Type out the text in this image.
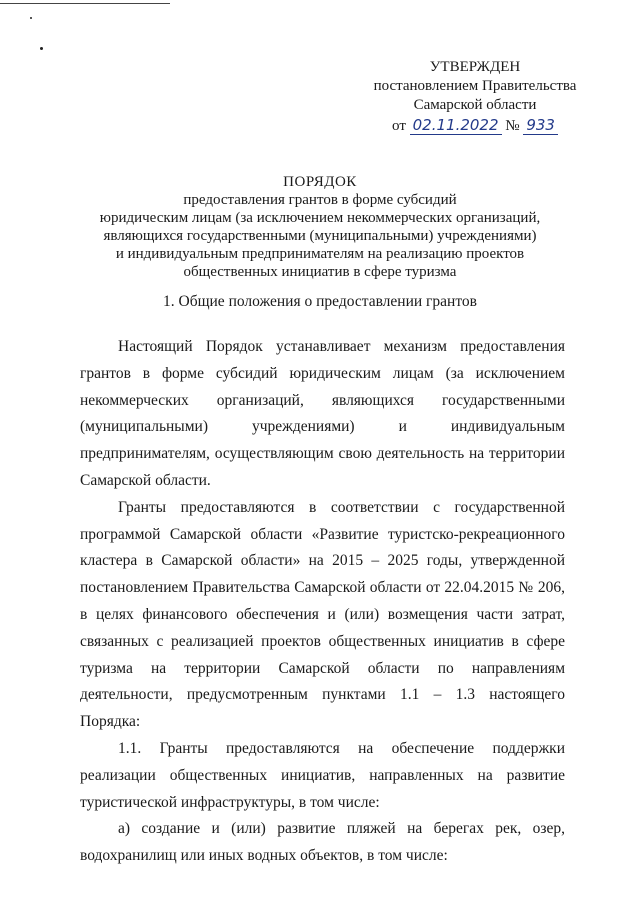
УТВЕРЖДЕН
постановлением Правительства
Самарской области
от 02.11.2022 № 933
ПОРЯДОК
предоставления грантов в форме субсидий
юридическим лицам (за исключением некоммерческих организаций,
являющихся государственными (муниципальными) учреждениями)
и индивидуальным предпринимателям на реализацию проектов
общественных инициатив в сфере туризма
1. Общие положения о предоставлении грантов

Настоящий Порядок устанавливает механизм предоставления грантов в форме субсидий юридическим лицам (за исключением некоммерческих организаций, являющихся государственными (муниципальными) учреждениями) и индивидуальным предпринимателям, осуществляющим свою деятельность на территории Самарской области.

Гранты предоставляются в соответствии с государственной программой Самарской области «Развитие туристско-рекреационного кластера в Самарской области» на 2015 – 2025 годы, утвержденной постановлением Правительства Самарской области от 22.04.2015 № 206, в целях финансового обеспечения и (или) возмещения части затрат, связанных с реализацией проектов общественных инициатив в сфере туризма на территории Самарской области по направлениям деятельности, предусмотренным пунктами 1.1 – 1.3 настоящего Порядка:

1.1. Гранты предоставляются на обеспечение поддержки реализации общественных инициатив, направленных на развитие туристической инфраструктуры, в том числе:

а) создание и (или) развитие пляжей на берегах рек, озер, водохранилищ или иных водных объектов, в том числе:
